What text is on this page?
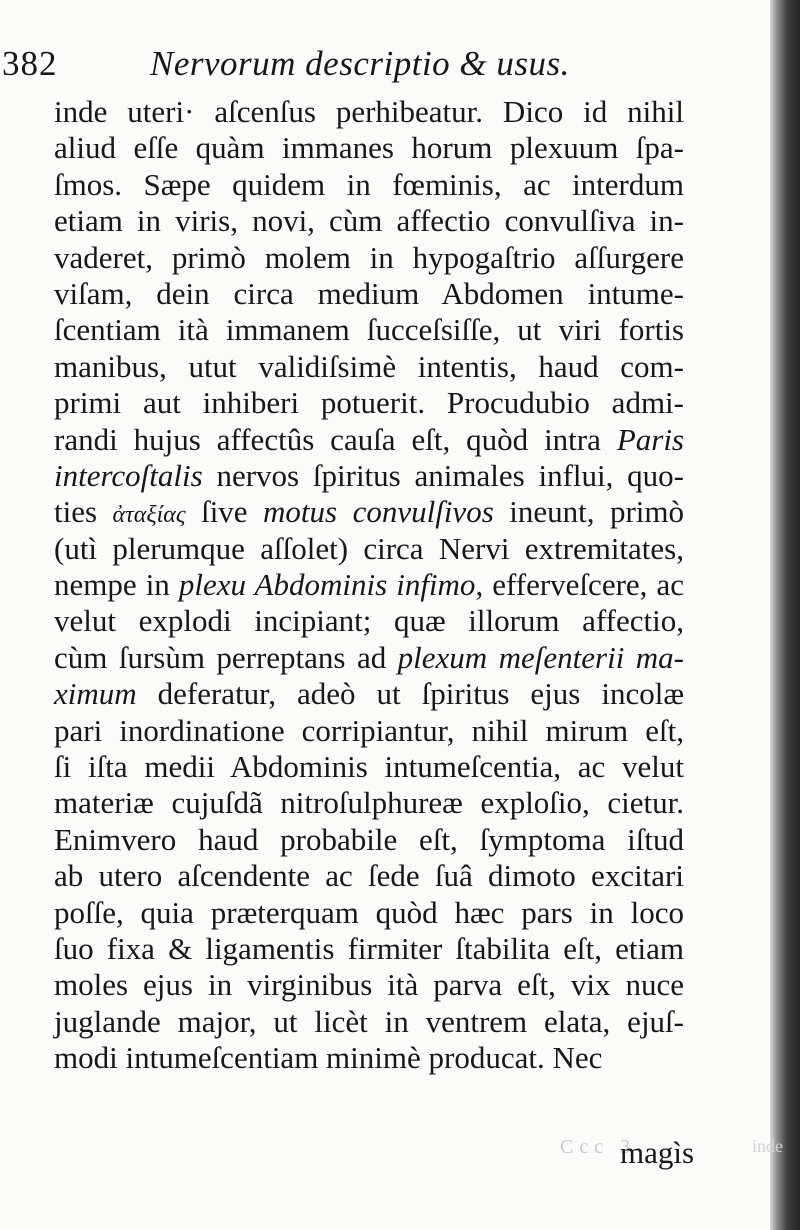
Ccc 3	inde
382	Nervorum descriptio & usus.
inde uteri· aſcenſus perhibeatur. Dico id nihil
aliud eſſe quàm immanes horum plexuum ſpa-
ſmos. Sæpe quidem in fœminis, ac interdum
etiam in viris, novi, cùm affectio convulſiva in-
vaderet, primò molem in hypogaſtrio aſſurgere
viſam, dein circa medium Abdomen intume-
ſcentiam ità immanem ſucceſsiſſe, ut viri fortis
manibus, utut validiſsimè intentis, haud com-
primi aut inhiberi potuerit. Procudubio admi-
randi hujus affectûs cauſa eſt, quòd intra Paris
intercoſtalis nervos ſpiritus animales influi, quo-
ties ἀταξίας ſive motus convulſivos ineunt, primò
(utì plerumque aſſolet) circa Nervi extremitates,
nempe in plexu Abdominis infimo, efferveſcere, ac
velut explodi incipiant; quæ illorum affectio,
cùm ſursùm perreptans ad plexum meſenterii ma-
ximum deferatur, adeò ut ſpiritus ejus incolæ
pari inordinatione corripiantur, nihil mirum eſt,
ſi iſta medii Abdominis intumeſcentia, ac velut
materiæ cujuſdã nitroſulphureæ exploſio, cietur.
Enimvero haud probabile eſt, ſymptoma iſtud
ab utero aſcendente ac ſede ſuâ dimoto excitari
poſſe, quia præterquam quòd hæc pars in loco
ſuo fixa & ligamentis firmiter ſtabilita eſt, etiam
moles ejus in virginibus ità parva eſt, vix nuce
juglande major, ut licèt in ventrem elata, ejuſ-
modi intumeſcentiam minimè producat. Nec
magìs
